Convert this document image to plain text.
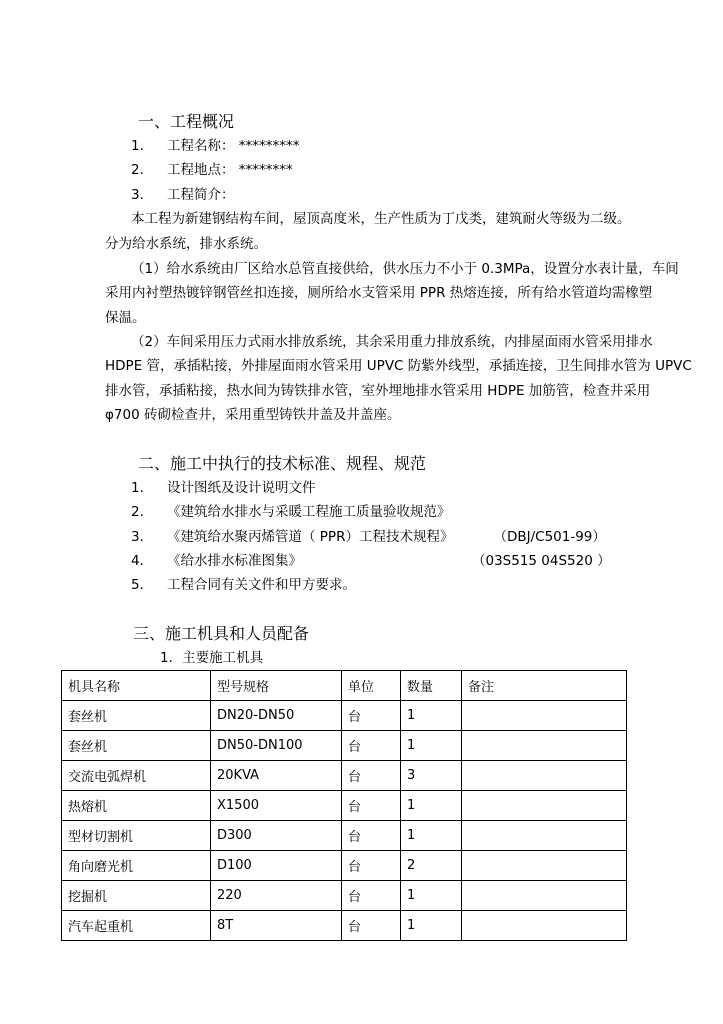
一、工程概况
1． 工程名称： *********
2． 工程地点： ********
3． 工程简介：
本工程为新建钢结构车间，屋顶高度米，生产性质为丁戊类，建筑耐火等级为二级。
分为给水系统，排水系统。
（1）给水系统由厂区给水总管直接供给，供水压力不小于 0.3MPa，设置分水表计量，车间
采用内衬塑热镀锌钢管丝扣连接，厕所给水支管采用 PPR 热熔连接，所有给水管道均需橡塑
保温。
（2）车间采用压力式雨水排放系统，其余采用重力排放系统，内排屋面雨水管采用排水
HDPE 管，承插粘接，外排屋面雨水管采用 UPVC 防紫外线型，承插连接，卫生间排水管为 UPVC
排水管，承插粘接，热水间为铸铁排水管，室外埋地排水管采用 HDPE 加筋管，检查井采用
φ700 砖砌检查井，采用重型铸铁井盖及井盖座。
二、施工中执行的技术标准、规程、规范
1． 设计图纸及设计说明文件
2． 《建筑给水排水与采暖工程施工质量验收规范》
3． 《建筑给水聚丙烯管道（ PPR）工程技术规程》	（DBJ/C501-99）
4． 《给水排水标准图集》	（03S515 04S520 ）
5． 工程合同有关文件和甲方要求。
三、施工机具和人员配备
1．主要施工机具
机具名称	型号规格	单位	数量	备注
套丝机	DN20-DN50	台	1	
套丝机	DN50-DN100	台	1	
交流电弧焊机	20KVA	台	3	
热熔机	X1500	台	1	
型材切割机	D300	台	1	
角向磨光机	D100	台	2	
挖掘机	220	台	1	
汽车起重机	8T	台	1	
